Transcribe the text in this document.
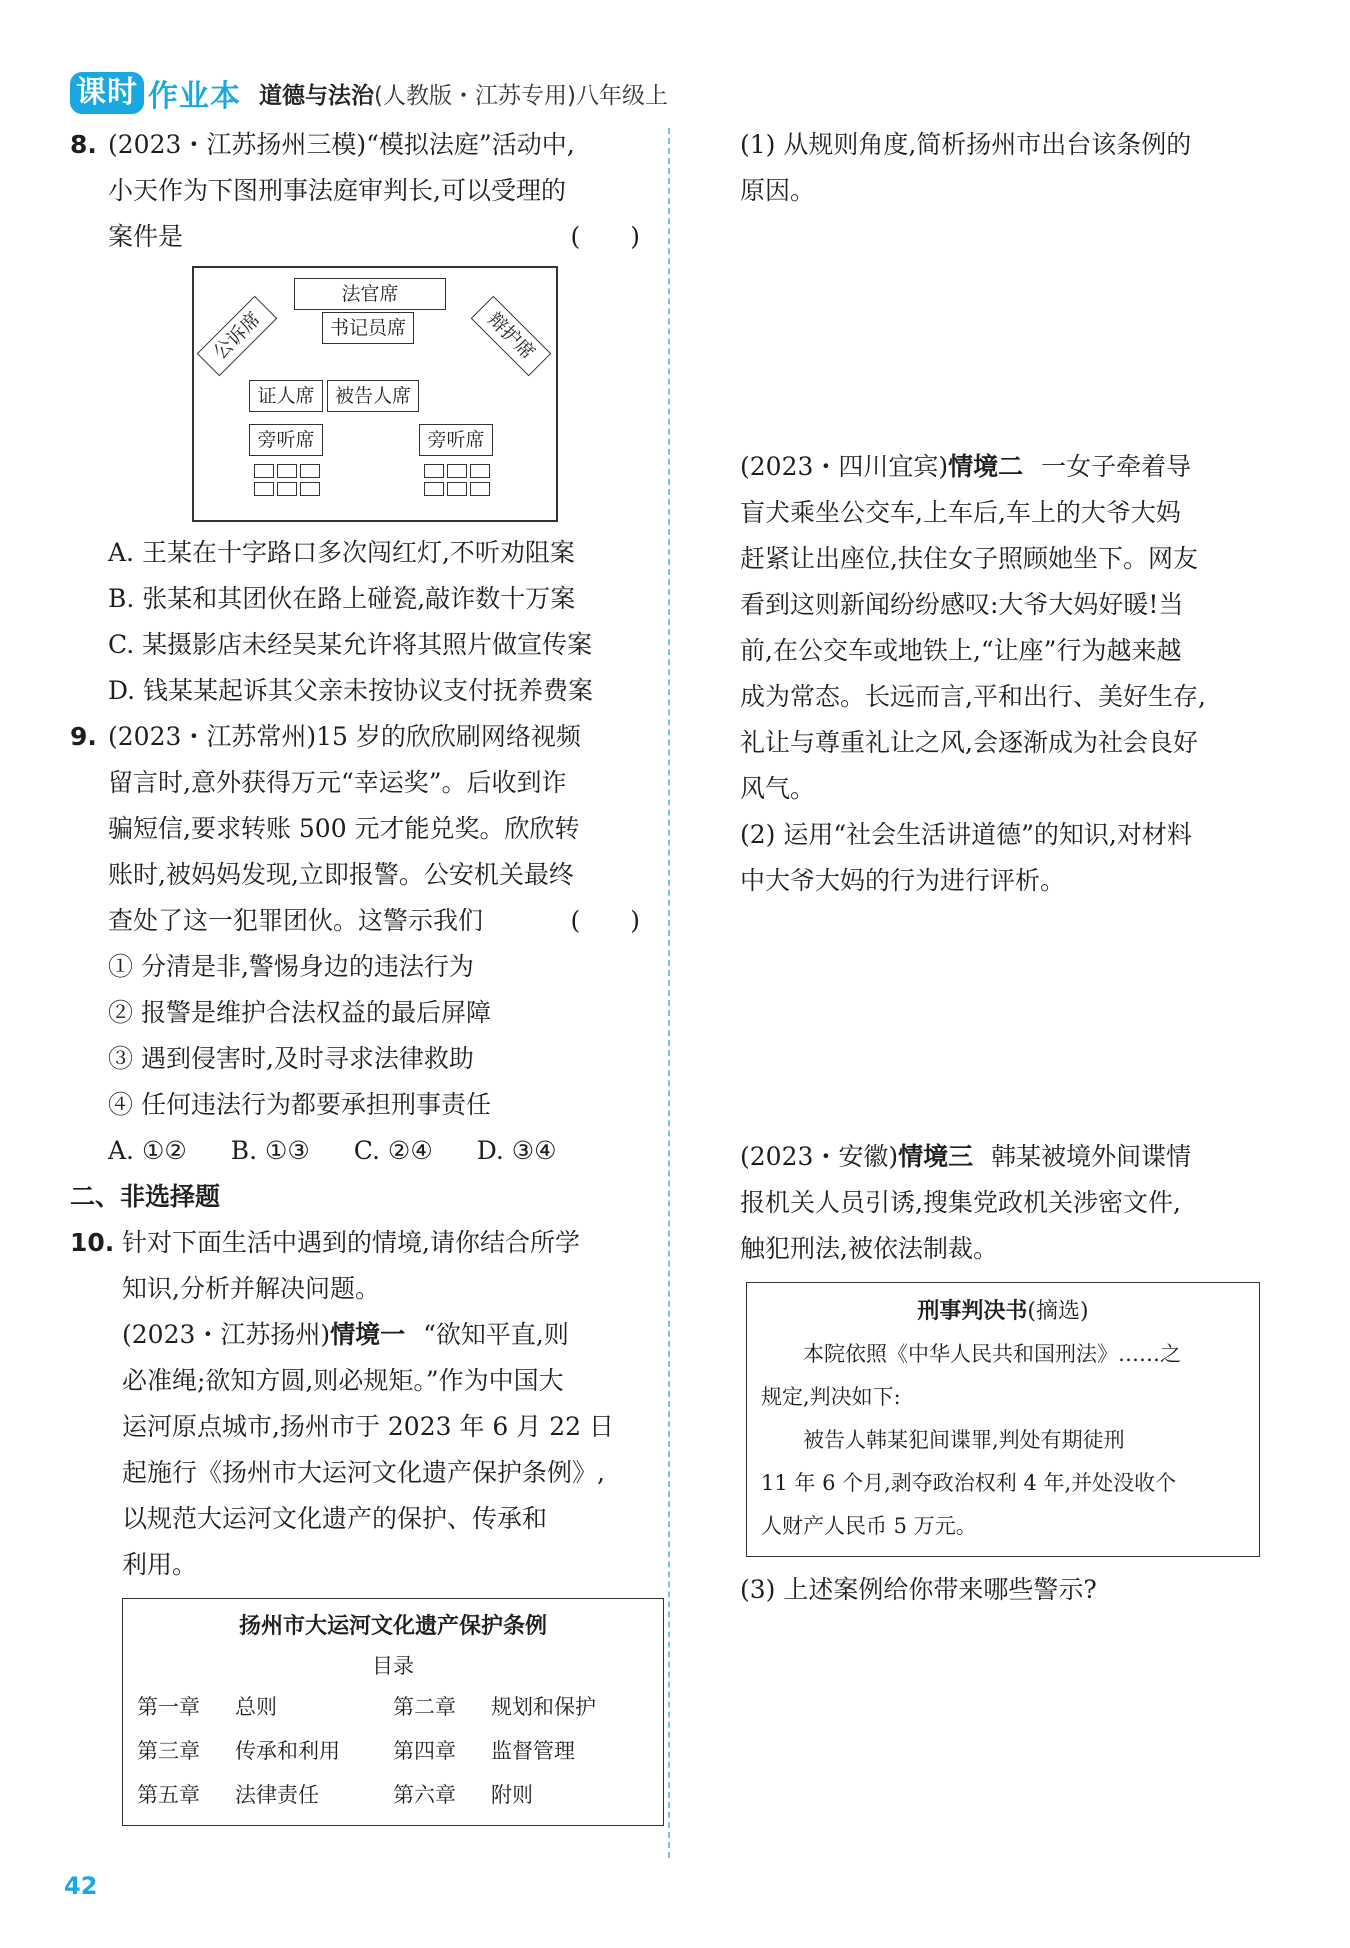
课时 作业本 道德与法治 (人教版・江苏专用)八年级上
8. (2023・江苏扬州三模)“模拟法庭”活动中,
小天作为下图刑事法庭审判长,可以受理的
案件是	(　　)
法官席
书记员席
公诉席	辩护席
证人席	被告人席
旁听席	旁听席
A. 王某在十字路口多次闯红灯,不听劝阻案
B. 张某和其团伙在路上碰瓷,敲诈数十万案
C. 某摄影店未经吴某允许将其照片做宣传案
D. 钱某某起诉其父亲未按协议支付抚养费案
9. (2023・江苏常州)15 岁的欣欣刷网络视频
留言时,意外获得万元“幸运奖”。后收到诈
骗短信,要求转账 500 元才能兑奖。欣欣转
账时,被妈妈发现,立即报警。公安机关最终
查处了这一犯罪团伙。这警示我们	(　　)
① 分清是非,警惕身边的违法行为
② 报警是维护合法权益的最后屏障
③ 遇到侵害时,及时寻求法律救助
④ 任何违法行为都要承担刑事责任
A. ①② B. ①③ C. ②④ D. ③④
二、非选择题
10. 针对下面生活中遇到的情境,请你结合所学
知识,分析并解决问题。
(2023・江苏扬州)情境一 “欲知平直,则
必准绳;欲知方圆,则必规矩。”作为中国大
运河原点城市,扬州市于 2023 年 6 月 22 日
起施行《扬州市大运河文化遗产保护条例》,
以规范大运河文化遗产的保护、传承和
利用。
扬州市大运河文化遗产保护条例
目录
第一章 总则	第二章 规划和保护
第三章 传承和利用	第四章 监督管理
第五章 法律责任	第六章 附则
(1) 从规则角度,简析扬州市出台该条例的
原因。
(2023・四川宜宾)情境二 一女子牵着导
盲犬乘坐公交车,上车后,车上的大爷大妈
赶紧让出座位,扶住女子照顾她坐下。网友
看到这则新闻纷纷感叹:大爷大妈好暖!当
前,在公交车或地铁上,“让座”行为越来越
成为常态。长远而言,平和出行、美好生存,
礼让与尊重礼让之风,会逐渐成为社会良好
风气。
(2) 运用“社会生活讲道德”的知识,对材料
中大爷大妈的行为进行评析。
(2023・安徽)情境三 韩某被境外间谍情
报机关人员引诱,搜集党政机关涉密文件,
触犯刑法,被依法制裁。
刑事判决书(摘选)
本院依照《中华人民共和国刑法》……之
规定,判决如下:
被告人韩某犯间谍罪,判处有期徒刑
11 年 6 个月,剥夺政治权利 4 年,并处没收个
人财产人民币 5 万元。
(3) 上述案例给你带来哪些警示?
42
